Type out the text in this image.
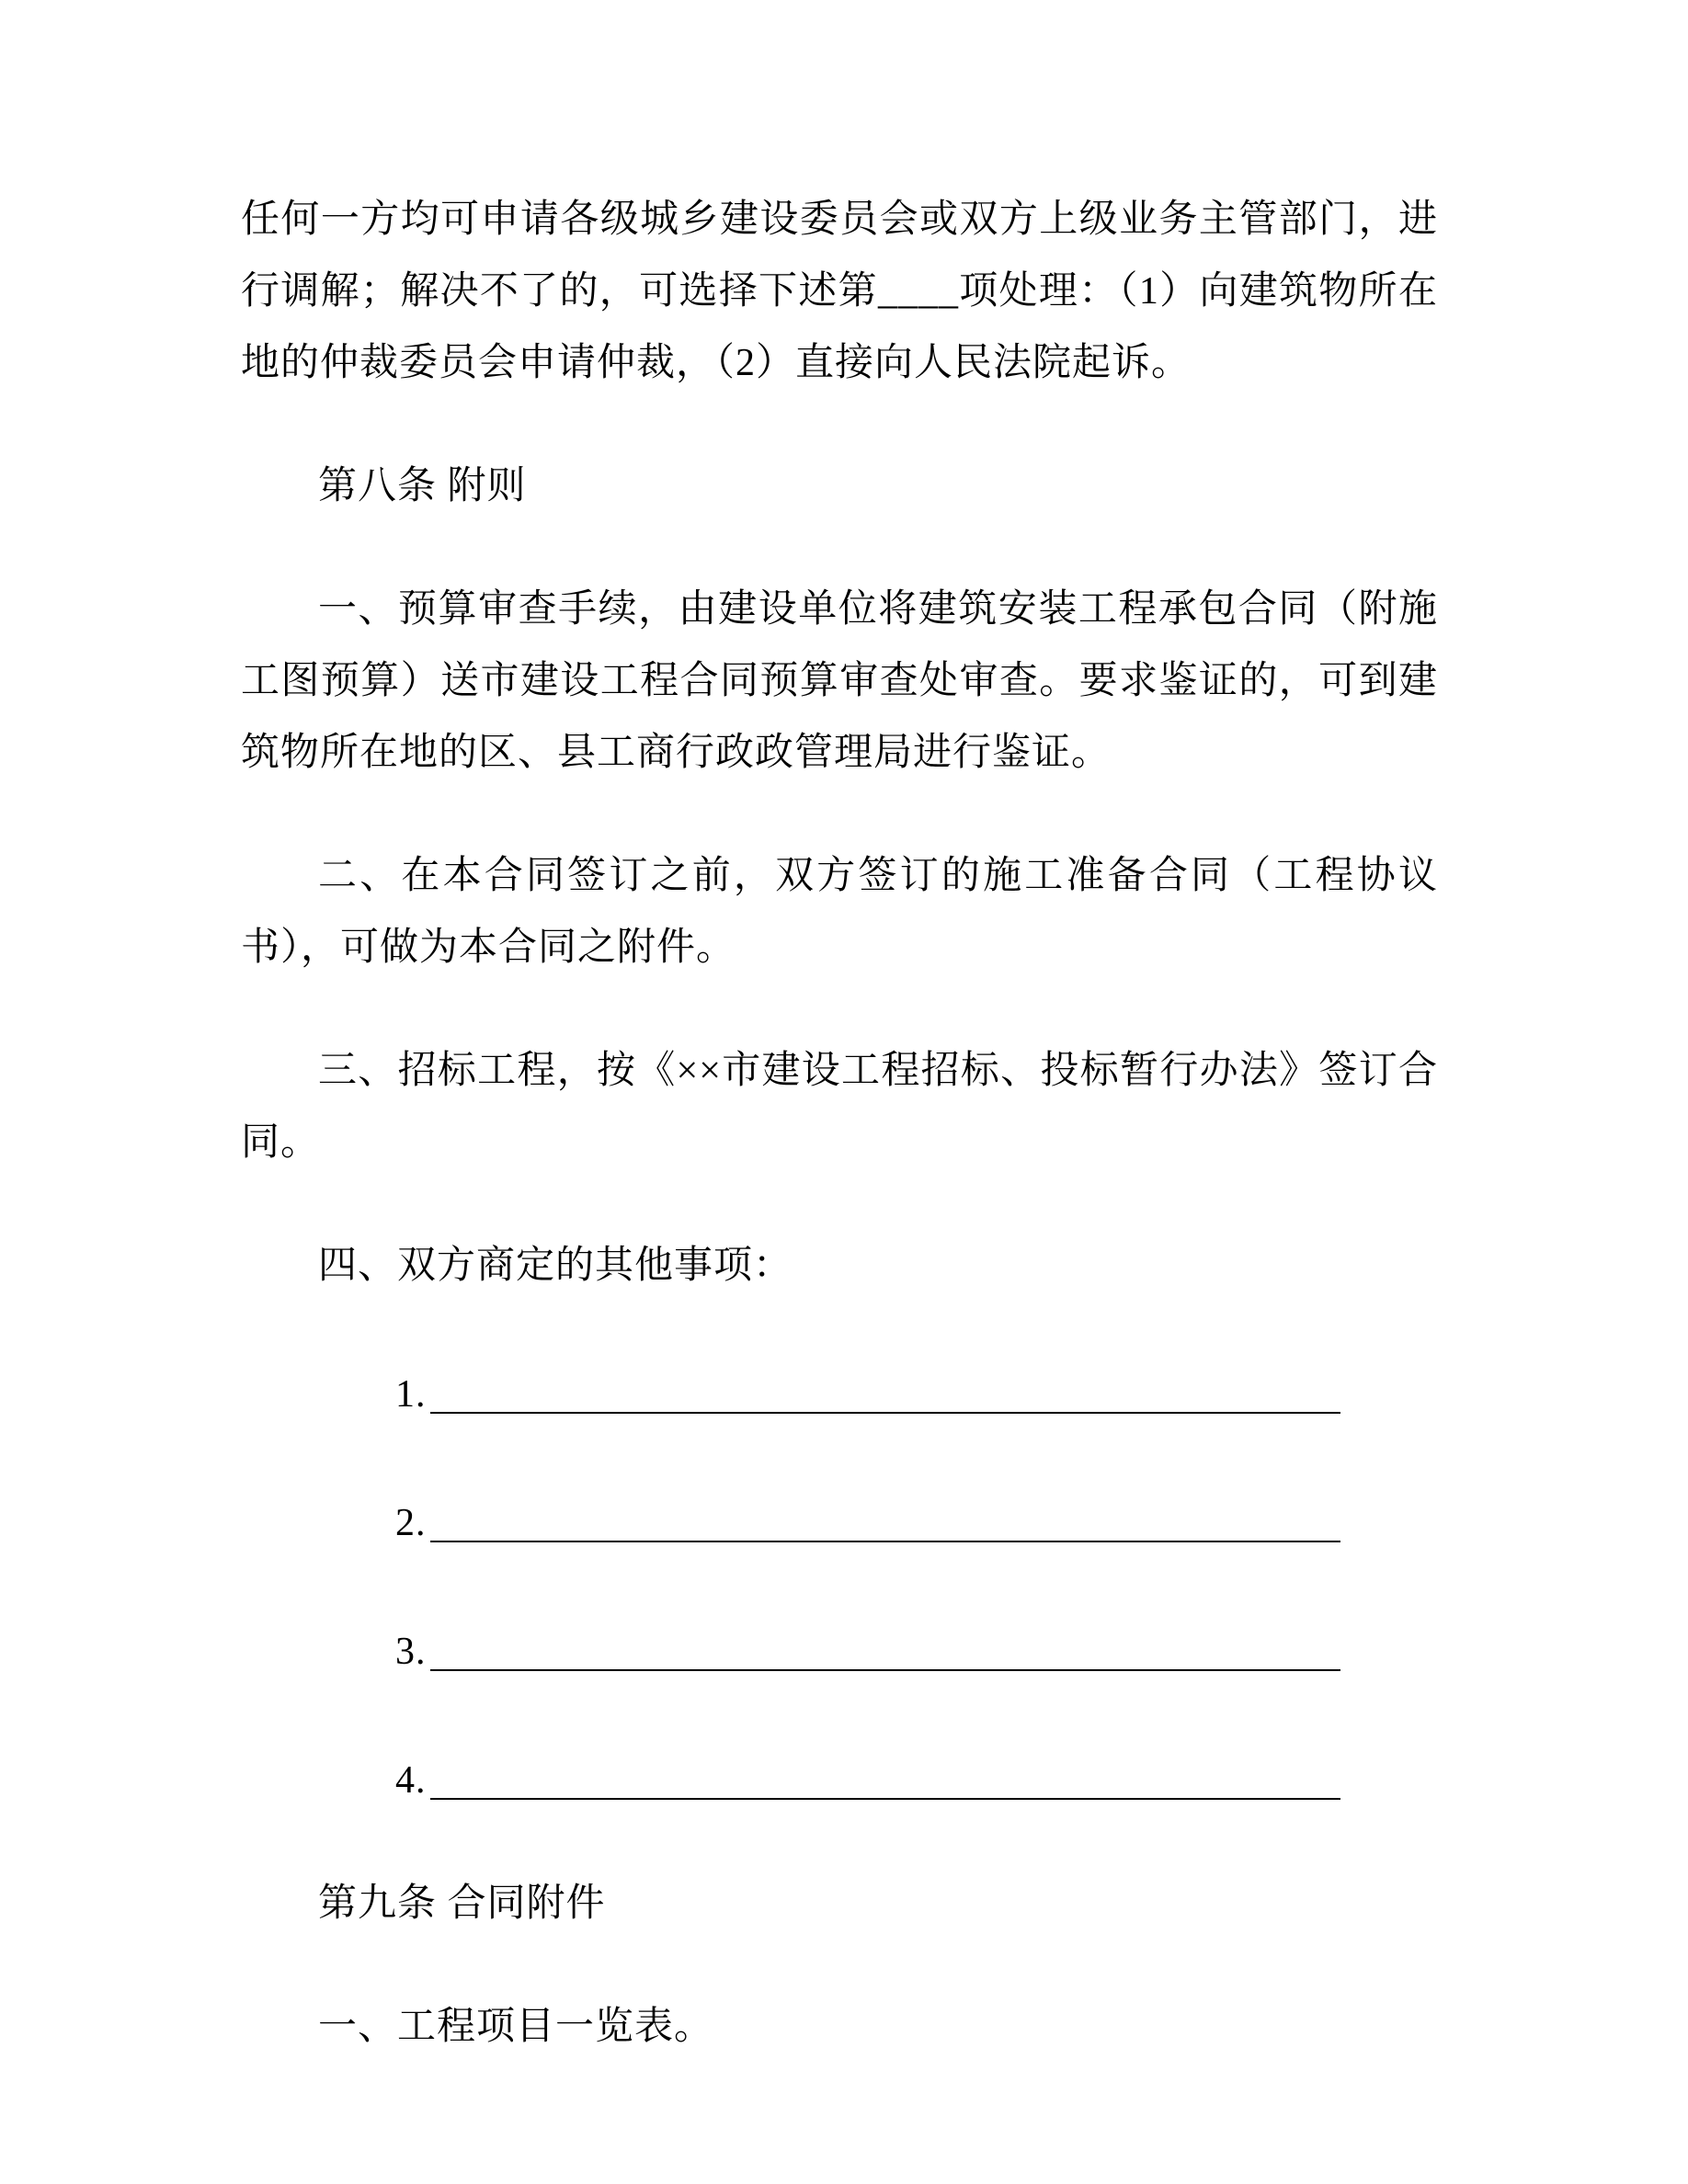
任何一方均可申请各级城乡建设委员会或双方上级业务主管部门，进行调解；解决不了的，可选择下述第____项处理：（1）向建筑物所在地的仲裁委员会申请仲裁，（2）直接向人民法院起诉。

第八条 附则

一、预算审查手续，由建设单位将建筑安装工程承包合同（附施工图预算）送市建设工程合同预算审查处审查。要求鉴证的，可到建筑物所在地的区、县工商行政政管理局进行鉴证。

二、在本合同签订之前，双方签订的施工准备合同（工程协议书），可做为本合同之附件。

三、招标工程，按《××市建设工程招标、投标暂行办法》签订合同。

四、双方商定的其他事项：

1.

2.

3.

4.

第九条 合同附件

一、工程项目一览表。
